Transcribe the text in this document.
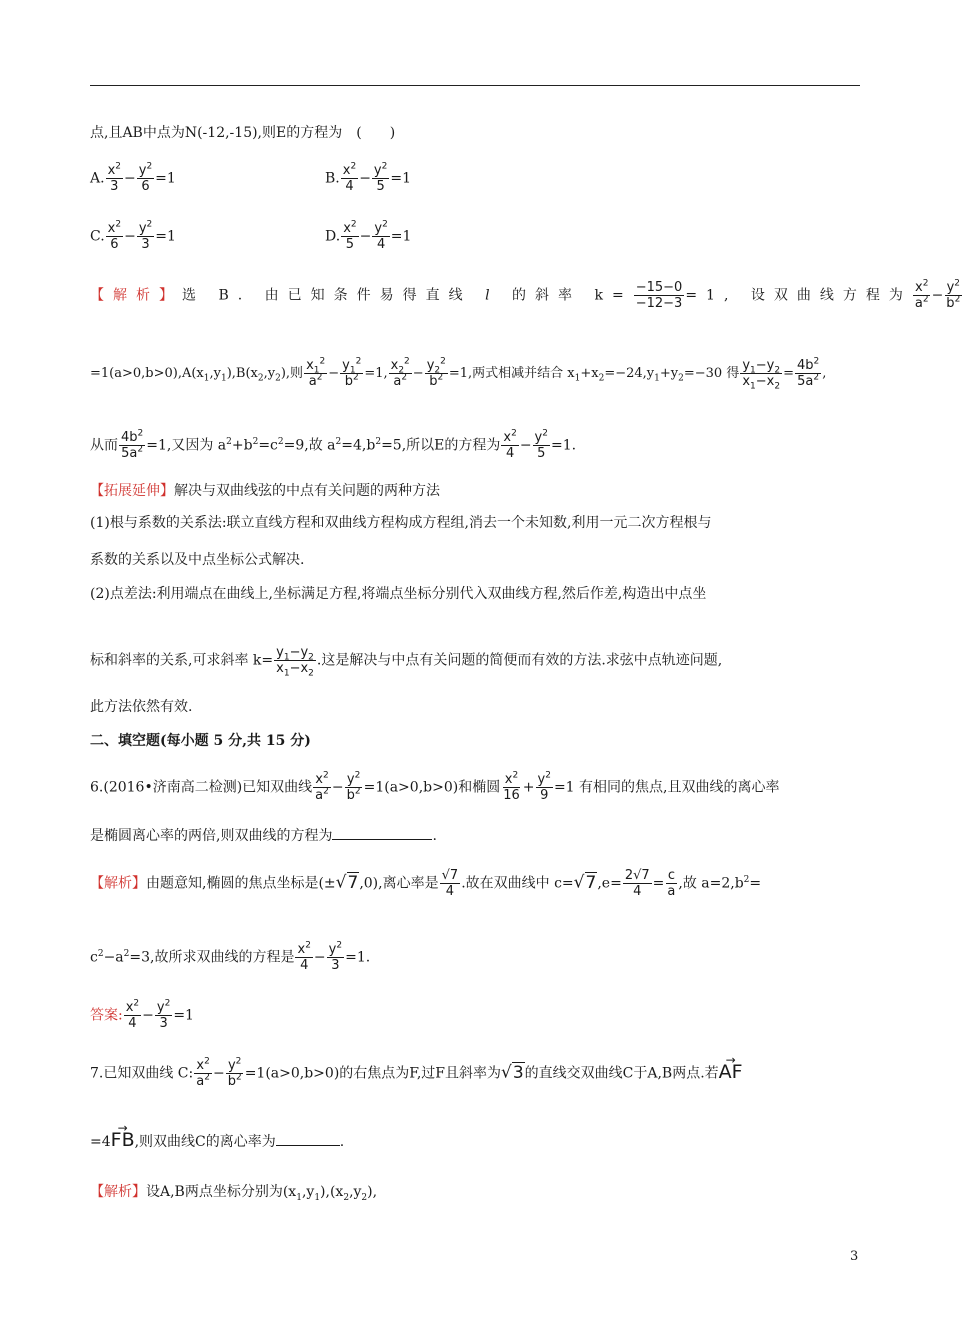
点,且AB中点为N(-12,-15),则E的方程为　(　　)
A. $\frac{x^2}{3} - \frac{y^2}{6} =1$	B. $\frac{x^2}{4} - \frac{y^2}{5} =1$
C. $\frac{x^2}{6} - \frac{y^2}{3} =1$	D. $\frac{x^2}{5} - \frac{y^2}{4} =1$
【解析】选 B. 由已知条件易得直线 l 的斜率 $k= \frac{-15-0}{-12-3} =1$, 设双曲线方程为 $\frac{x^2}{a^2} - \frac{y^2}{b^2}$
$=1(a>0,b>0),A(x_1,y_1),B(x_2,y_2)$,则 $\frac{x_1^2}{a^2} - \frac{y_1^2}{b^2} =1$, $\frac{x_2^2}{a^2} - \frac{y_2^2}{b^2} =1$,两式相减并结合 $x_1+x_2=-24,y_1+y_2=-30$ 得 $\frac{y_1-y_2}{x_1-x_2} = \frac{4b^2}{5a^2}$ ,
从而 $\frac{4b^2}{5a^2} =1$,又因为 $a^2+b^2=c^2=9$,故 $a^2=4,b^2=5$,所以E的方程为 $\frac{x^2}{4} - \frac{y^2}{5} =1$.
【拓展延伸】解决与双曲线弦的中点有关问题的两种方法
(1)根与系数的关系法:联立直线方程和双曲线方程构成方程组,消去一个未知数,利用一元二次方程根与
系数的关系以及中点坐标公式解决.
(2)点差法:利用端点在曲线上,坐标满足方程,将端点坐标分别代入双曲线方程,然后作差,构造出中点坐
标和斜率的关系,可求斜率 $k= \frac{y_1-y_2}{x_1-x_2}$ .这是解决与中点有关问题的简便而有效的方法.求弦中点轨迹问题,
此方法依然有效.
二、填空题(每小题 5 分,共 15 分)
6.(2016•济南高二检测)已知双曲线 $\frac{x^2}{a^2} - \frac{y^2}{b^2} =1(a>0,b>0)$和椭圆 $\frac{x^2}{16} + \frac{y^2}{9} =1$ 有相同的焦点,且双曲线的离心率
是椭圆离心率的两倍,则双曲线的方程为	.
【解析】由题意知,椭圆的焦点坐标是(±√7,0),离心率是 $\frac{√7}{4}$ .故在双曲线中 $c=√7,e= \frac{2√7}{4} = \frac{c}{a}$ ,故 $a=2,b^2=$
$c^2-a^2=3$,故所求双曲线的方程是 $\frac{x^2}{4} - \frac{y^2}{3} =1$.
答案: $\frac{x^2}{4} - \frac{y^2}{3} =1$
7.已知双曲线 C: $\frac{x^2}{a^2} - \frac{y^2}{b^2} =1(a>0,b>0)$的右焦点为F,过F且斜率为√3的直线交双曲线C于A,B两点.若→ AF
=4→ FB,则双曲线C的离心率为	.
【解析】设A,B两点坐标分别为$(x_1,y_1),(x_2,y_2)$,
3
